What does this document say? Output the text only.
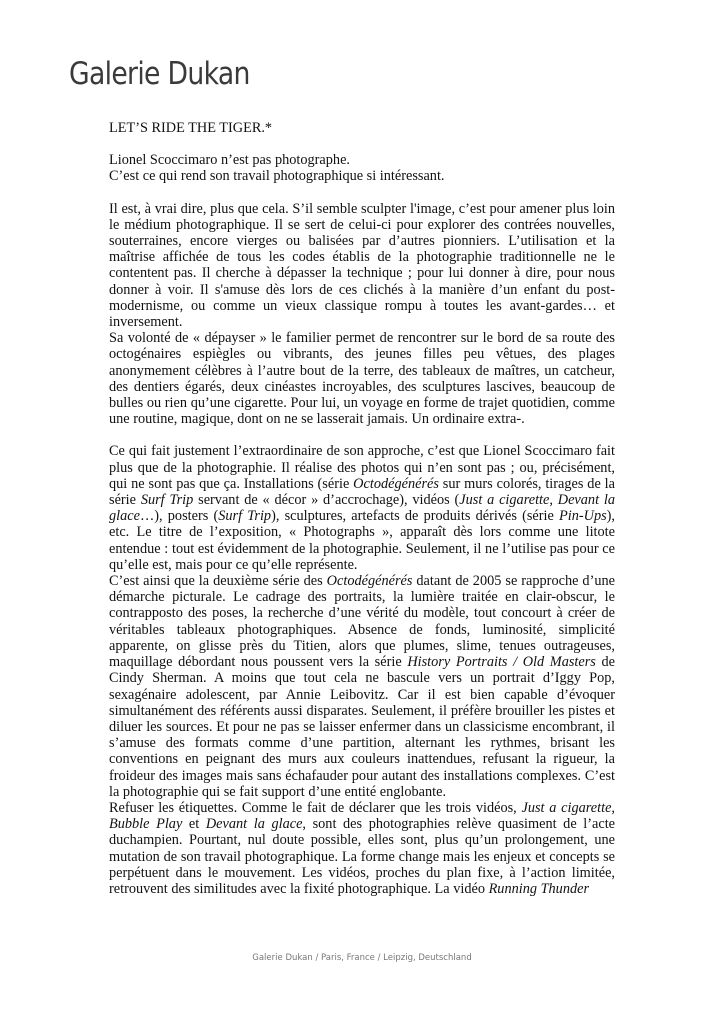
Galerie Dukan

LET’S RIDE THE TIGER.*

Lionel Scoccimaro n’est pas photographe.
C’est ce qui rend son travail photographique si intéressant.

Il est, à vrai dire, plus que cela. S’il semble sculpter l'image, c’est pour amener plus loin le médium photographique. Il se sert de celui-ci pour explorer des contrées nouvelles, souterraines, encore vierges ou balisées par d’autres pionniers. L’utilisation et la maîtrise affichée de tous les codes établis de la photographie traditionnelle ne le contentent pas. Il cherche à dépasser la technique ; pour lui donner à dire, pour nous donner à voir. Il s'amuse dès lors de ces clichés à la manière d’un enfant du post-modernisme, ou comme un vieux classique rompu à toutes les avant-gardes… et inversement.

Sa volonté de « dépayser » le familier permet de rencontrer sur le bord de sa route des octogénaires espiègles ou vibrants, des jeunes filles peu vêtues, des plages anonymement célèbres à l’autre bout de la terre, des tableaux de maîtres, un catcheur, des dentiers égarés, deux cinéastes incroyables, des sculptures lascives, beaucoup de bulles ou rien qu’une cigarette. Pour lui, un voyage en forme de trajet quotidien, comme une routine, magique, dont on ne se lasserait jamais. Un ordinaire extra-.

Ce qui fait justement l’extraordinaire de son approche, c’est que Lionel Scoccimaro fait plus que de la photographie. Il réalise des photos qui n’en sont pas ; ou, précisément, qui ne sont pas que ça. Installations (série Octodégénérés sur murs colorés, tirages de la série Surf Trip servant de « décor » d’accrochage), vidéos (Just a cigarette, Devant la glace…), posters (Surf Trip), sculptures, artefacts de produits dérivés (série Pin-Ups), etc. Le titre de l’exposition, « Photographs », apparaît dès lors comme une litote entendue : tout est évidemment de la photographie. Seulement, il ne l’utilise pas pour ce qu’elle est, mais pour ce qu’elle représente.

C’est ainsi que la deuxième série des Octodégénérés datant de 2005 se rapproche d’une démarche picturale. Le cadrage des portraits, la lumière traitée en clair-obscur, le contrapposto des poses, la recherche d’une vérité du modèle, tout concourt à créer de véritables tableaux photographiques. Absence de fonds, luminosité, simplicité apparente, on glisse près du Titien, alors que plumes, slime, tenues outrageuses, maquillage débordant nous poussent vers la série History Portraits / Old Masters de Cindy Sherman. A moins que tout cela ne bascule vers un portrait d’Iggy Pop, sexagénaire adolescent, par Annie Leibovitz. Car il est bien capable d’évoquer simultanément des référents aussi disparates. Seulement, il préfère brouiller les pistes et diluer les sources. Et pour ne pas se laisser enfermer dans un classicisme encombrant, il s’amuse des formats comme d’une partition, alternant les rythmes, brisant les conventions en peignant des murs aux couleurs inattendues, refusant la rigueur, la froideur des images mais sans échafauder pour autant des installations complexes. C’est la photographie qui se fait support d’une entité englobante.

Refuser les étiquettes. Comme le fait de déclarer que les trois vidéos, Just a cigarette, Bubble Play et Devant la glace, sont des photographies relève quasiment de l’acte duchampien. Pourtant, nul doute possible, elles sont, plus qu’un prolongement, une mutation de son travail photographique. La forme change mais les enjeux et concepts se perpétuent dans le mouvement. Les vidéos, proches du plan fixe, à l’action limitée, retrouvent des similitudes avec la fixité photographique. La vidéo Running Thunder

Galerie Dukan / Paris, France / Leipzig, Deutschland
